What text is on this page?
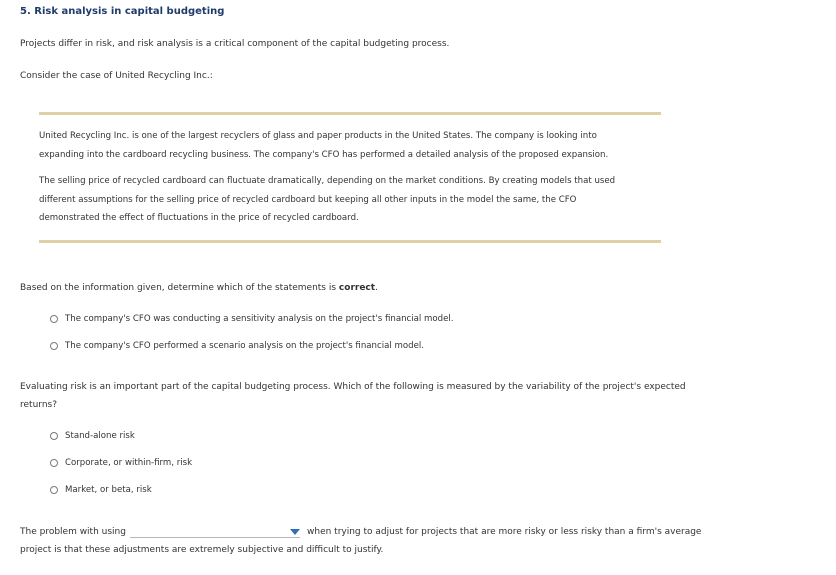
5. Risk analysis in capital budgeting
Projects differ in risk, and risk analysis is a critical component of the capital budgeting process.
Consider the case of United Recycling Inc.:
United Recycling Inc. is one of the largest recyclers of glass and paper products in the United States. The company is looking into
expanding into the cardboard recycling business. The company's CFO has performed a detailed analysis of the proposed expansion.
The selling price of recycled cardboard can fluctuate dramatically, depending on the market conditions. By creating models that used
different assumptions for the selling price of recycled cardboard but keeping all other inputs in the model the same, the CFO
demonstrated the effect of fluctuations in the price of recycled cardboard.
Based on the information given, determine which of the statements is correct.
The company's CFO was conducting a sensitivity analysis on the project's financial model.
The company's CFO performed a scenario analysis on the project's financial model.
Evaluating risk is an important part of the capital budgeting process. Which of the following is measured by the variability of the project's expected
returns?
Stand-alone risk
Corporate, or within-firm, risk
Market, or beta, risk
The problem with using	when trying to adjust for projects that are more risky or less risky than a firm's average
project is that these adjustments are extremely subjective and difficult to justify.
